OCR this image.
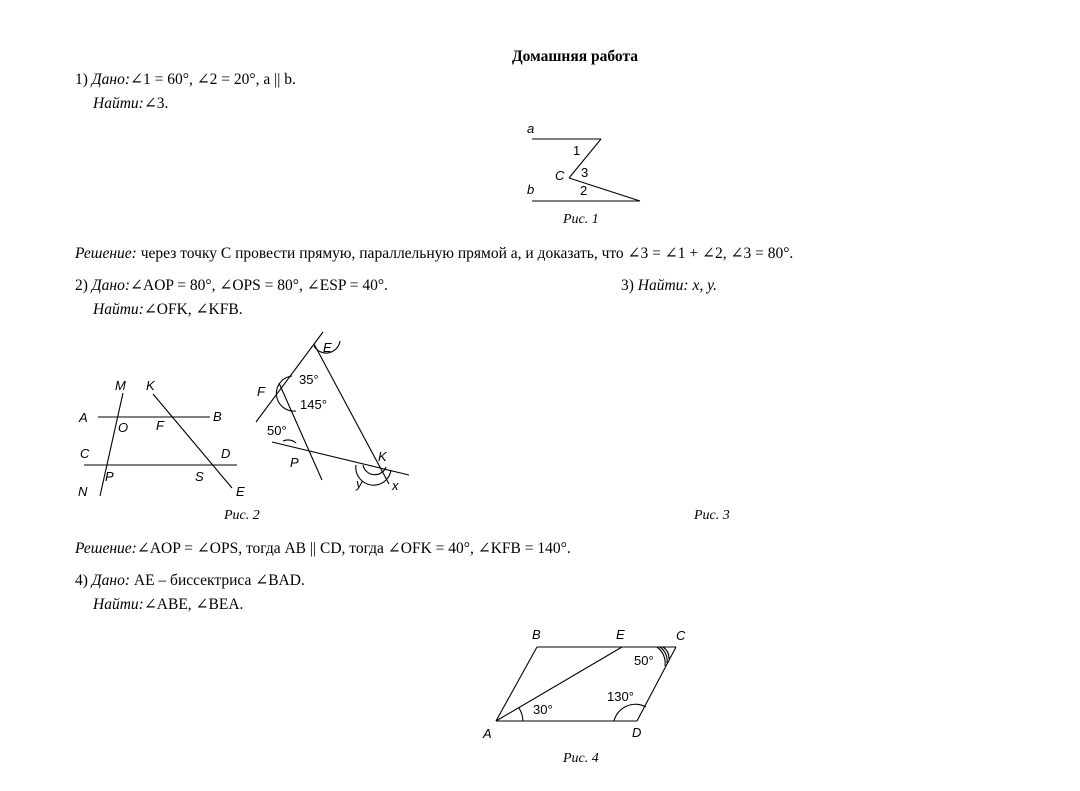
Домашняя работа
1) Дано:∠1 = 60°, ∠2 = 20°, a || b.
Найти:∠3.
Рис. 1
Решение: через точку C провести прямую, параллельную прямой a, и доказать, что ∠3 = ∠1 + ∠2, ∠3 = 80°.
2) Дано:∠AOP = 80°, ∠OPS = 80°, ∠ESP = 40°.
Найти:∠OFK, ∠KFB.
3) Найти: x, y.
Рис. 2	Рис. 3
Решение:∠AOP = ∠OPS, тогда AB || CD, тогда ∠OFK = 40°, ∠KFB = 140°.
4) Дано: AE – биссектриса ∠BAD.
Найти:∠ABE, ∠BEA.
Рис. 4
a
1
C 3
2
b
M K
A	B
O F
C	D
P	S
N	E
E
35°
F
145°
50°
P	K
y x
B	E	C
50°
130°
30°
A	D
